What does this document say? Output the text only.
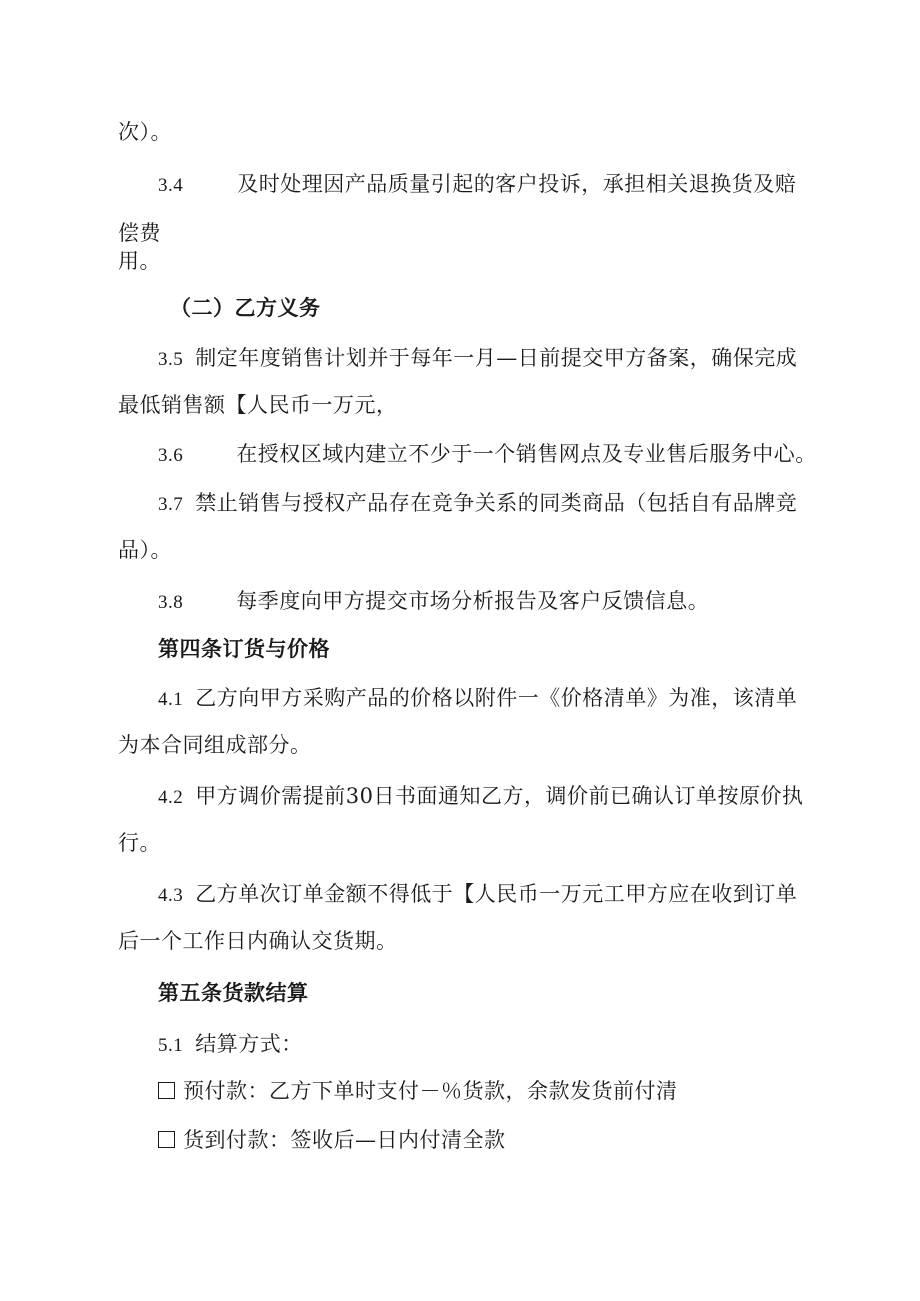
次）。
3.4	及时处理因产品质量引起的客户投诉，承担相关退换货及赔
偿费
用。
（二）乙方义务
3.5 制定年度销售计划并于每年一月—日前提交甲方备案，确保完成
最低销售额【人民币一万元，
3.6	在授权区域内建立不少于一个销售网点及专业售后服务中心。
3.7 禁止销售与授权产品存在竞争关系的同类商品（包括自有品牌竞
品）。
3.8	每季度向甲方提交市场分析报告及客户反馈信息。
第四条订货与价格
4.1 乙方向甲方采购产品的价格以附件一《价格清单》为准，该清单
为本合同组成部分。
4.2 甲方调价需提前30日书面通知乙方，调价前已确认订单按原价执
行。
4.3 乙方单次订单金额不得低于【人民币一万元工甲方应在收到订单
后一个工作日内确认交货期。
第五条货款结算
5.1 结算方式：
预付款：乙方下单时支付－％货款，余款发货前付清
货到付款：签收后—日内付清全款
